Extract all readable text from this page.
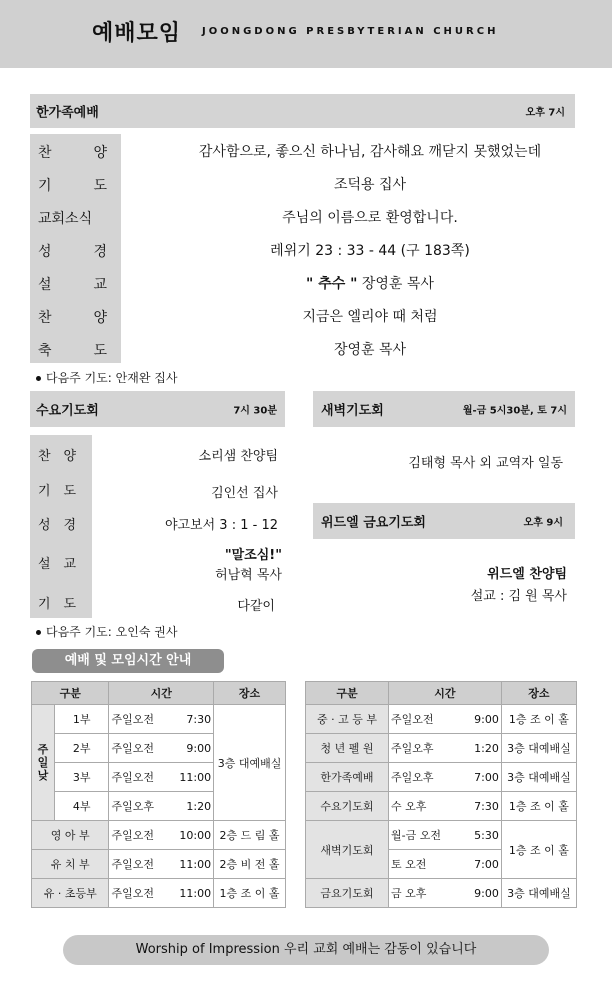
예배모임 JOONGDONG PRESBYTERIAN CHURCH
한가족예배	오후 7시
찬　　　양	감사함으로, 좋으신 하나님, 감사해요 깨닫지 못했었는데
기　　　도	조덕용 집사
교회소식	주님의 이름으로 환영합니다.
성　　　경	레위기 23 : 33 - 44 (구 183쪽)
설　　　교	" 추수 " 장영훈 목사
찬　　　양	지금은 엘리야 때 처럼
축　　　도	장영훈 목사
다음주 기도: 안재완 집사
수요기도회	7시 30분
찬　양	소리샘 찬양팀
기　도	김인선 집사
성　경	야고보서 3 : 1 - 12
설　교
"말조심!"
허남혁 목사
기　도	다같이
다음주 기도: 오인숙 권사
새벽기도회	월-금 5시30분, 토 7시
김태형 목사 외 교역자 일동
위드엘 금요기도회	오후 9시
위드엘 찬양팀
설교 : 김 원 목사
예배 및 모임시간 안내
구분		시간		장소
주일낮	1부	주일오전	7:30	3층 대예배실
	2부	주일오전	9:00	
	3부	주일오전	11:00	
	4부	주일오후	1:20	
영 아 부		주일오전	10:00	2층 드 림 홀
유 치 부		주일오전	11:00	2층 비 전 홀
유 · 초등부		주일오전	11:00	1층 조 이 홀
구분	시간		장소
중 · 고 등 부	주일오전	9:00	1층 조 이 홀
청 년 펠 원	주일오후	1:20	3층 대예배실
한가족예배	주일오후	7:00	3층 대예배실
수요기도회	수 오후	7:30	1층 조 이 홀
새벽기도회	월-금 오전	5:30	1층 조 이 홀
	토 오전	7:00	
금요기도회	금 오후	9:00	3층 대예배실
Worship of Impression 우리 교회 예배는 감동이 있습니다
